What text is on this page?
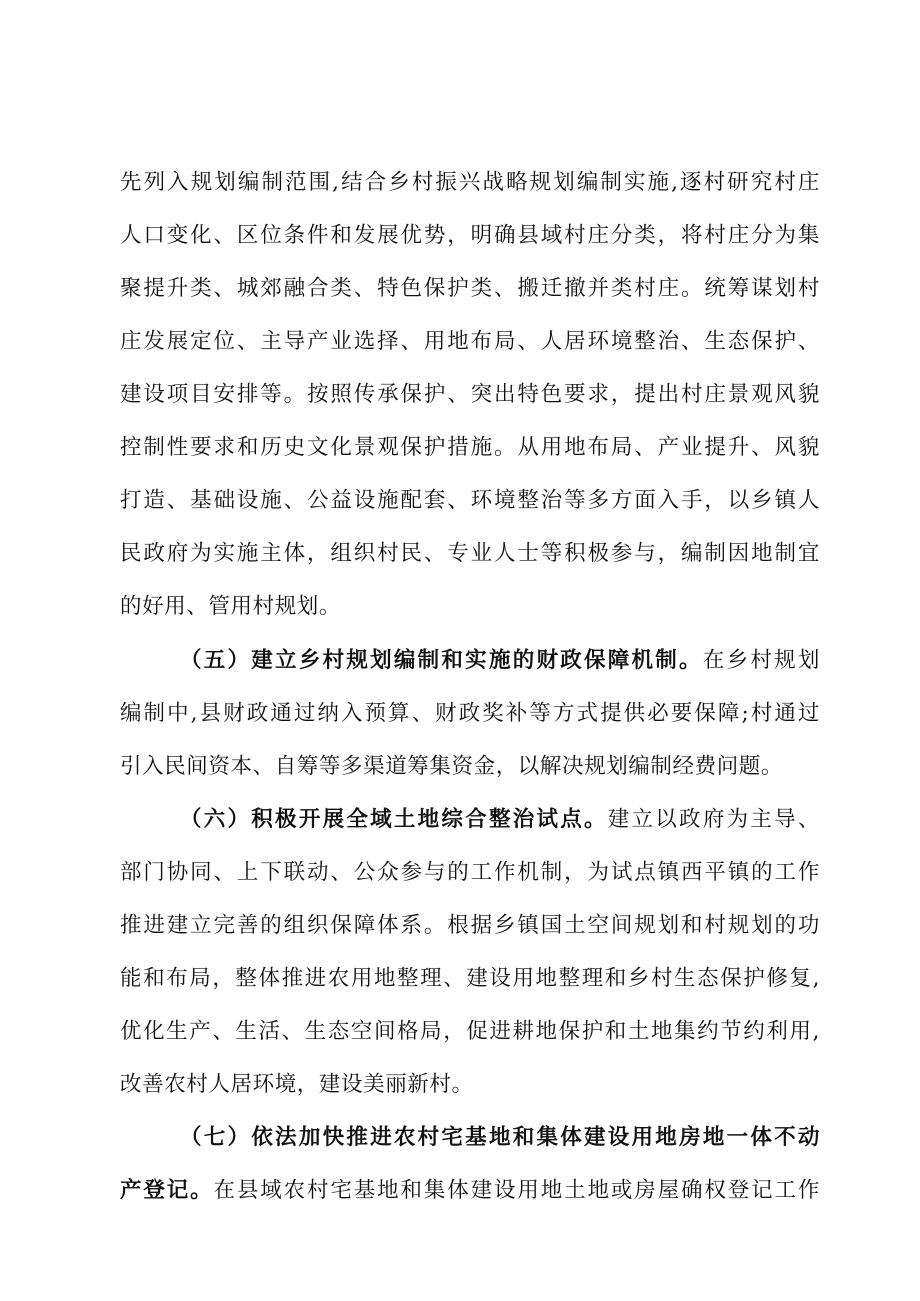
先列入规划编制范围,结合乡村振兴战略规划编制实施,逐村研究村庄
人口变化、区位条件和发展优势，明确县域村庄分类，将村庄分为集
聚提升类、城郊融合类、特色保护类、搬迁撤并类村庄。统筹谋划村
庄发展定位、主导产业选择、用地布局、人居环境整治、生态保护、
建设项目安排等。按照传承保护、突出特色要求，提出村庄景观风貌
控制性要求和历史文化景观保护措施。从用地布局、产业提升、风貌
打造、基础设施、公益设施配套、环境整治等多方面入手，以乡镇人
民政府为实施主体，组织村民、专业人士等积极参与，编制因地制宜
的好用、管用村规划。
（五）建立乡村规划编制和实施的财政保障机制。在乡村规划
编制中,县财政通过纳入预算、财政奖补等方式提供必要保障;村通过
引入民间资本、自筹等多渠道筹集资金，以解决规划编制经费问题。
（六）积极开展全域土地综合整治试点。建立以政府为主导、
部门协同、上下联动、公众参与的工作机制，为试点镇西平镇的工作
推进建立完善的组织保障体系。根据乡镇国土空间规划和村规划的功
能和布局，整体推进农用地整理、建设用地整理和乡村生态保护修复,
优化生产、生活、生态空间格局，促进耕地保护和土地集约节约利用,
改善农村人居环境，建设美丽新村。
（七）依法加快推进农村宅基地和集体建设用地房地一体不动
产登记。在县域农村宅基地和集体建设用地土地或房屋确权登记工作
